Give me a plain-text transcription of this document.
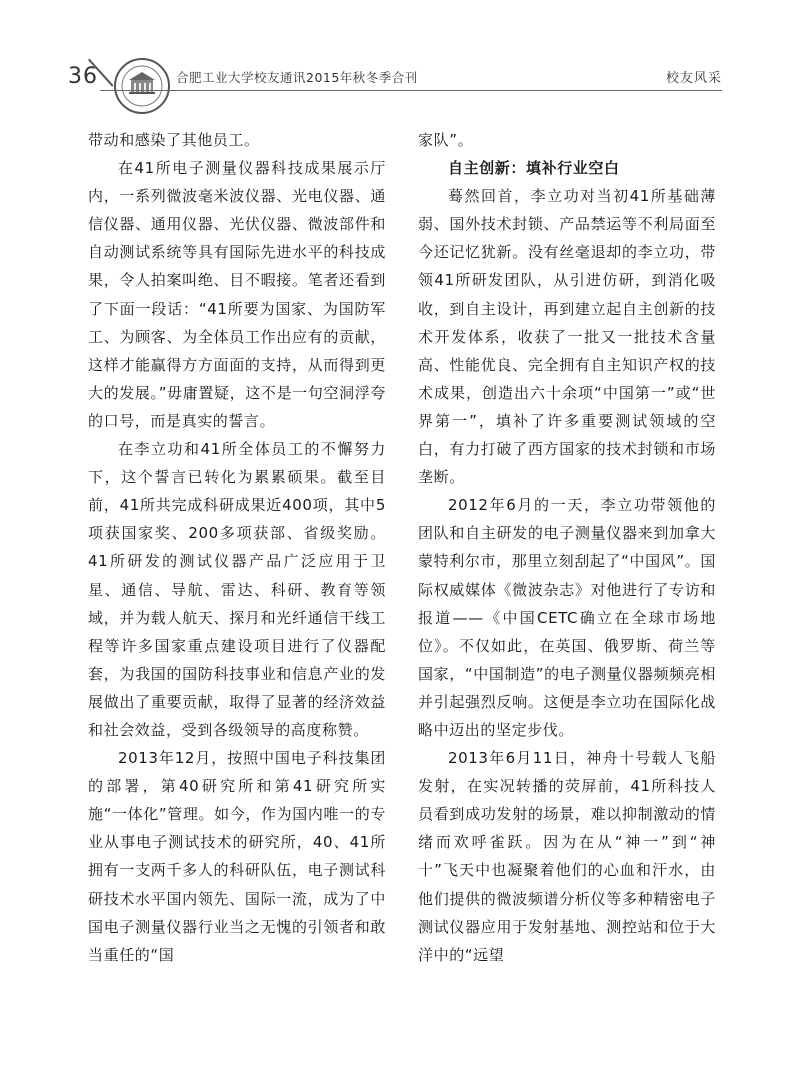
36	合肥工业大学校友通讯2015年秋冬季合刊	校友风采

带动和感染了其他员工。

在41所电子测量仪器科技成果展示厅内，一系列微波毫米波仪器、光电仪器、通信仪器、通用仪器、光伏仪器、微波部件和自动测试系统等具有国际先进水平的科技成果，令人拍案叫绝、目不暇接。笔者还看到了下面一段话：“41所要为国家、为国防军工、为顾客、为全体员工作出应有的贡献，这样才能赢得方方面面的支持，从而得到更大的发展。”毋庸置疑，这不是一句空洞浮夸的口号，而是真实的誓言。

在李立功和41所全体员工的不懈努力下，这个誓言已转化为累累硕果。截至目前，41所共完成科研成果近400项，其中5项获国家奖、200多项获部、省级奖励。41所研发的测试仪器产品广泛应用于卫星、通信、导航、雷达、科研、教育等领域，并为载人航天、探月和光纤通信干线工程等许多国家重点建设项目进行了仪器配套，为我国的国防科技事业和信息产业的发展做出了重要贡献，取得了显著的经济效益和社会效益，受到各级领导的高度称赞。

2013年12月，按照中国电子科技集团的部署，第40研究所和第41研究所实施“一体化”管理。如今，作为国内唯一的专业从事电子测试技术的研究所，40、41所拥有一支两千多人的科研队伍，电子测试科研技术水平国内领先、国际一流，成为了中国电子测量仪器行业当之无愧的引领者和敢当重任的“国

家队”。

自主创新：填补行业空白

蓦然回首，李立功对当初41所基础薄弱、国外技术封锁、产品禁运等不利局面至今还记忆犹新。没有丝毫退却的李立功，带领41所研发团队，从引进仿研，到消化吸收，到自主设计，再到建立起自主创新的技术开发体系，收获了一批又一批技术含量高、性能优良、完全拥有自主知识产权的技术成果，创造出六十余项“中国第一”或“世界第一”，填补了许多重要测试领域的空白，有力打破了西方国家的技术封锁和市场垄断。

2012年6月的一天，李立功带领他的团队和自主研发的电子测量仪器来到加拿大蒙特利尔市，那里立刻刮起了“中国风”。国际权威媒体《微波杂志》对他进行了专访和报道——《中国CETC确立在全球市场地位》。不仅如此，在英国、俄罗斯、荷兰等国家，“中国制造”的电子测量仪器频频亮相并引起强烈反响。这便是李立功在国际化战略中迈出的坚定步伐。

2013年6月11日，神舟十号载人飞船发射，在实况转播的荧屏前，41所科技人员看到成功发射的场景，难以抑制激动的情绪而欢呼雀跃。因为在从“神一”到“神十”飞天中也凝聚着他们的心血和汗水，由他们提供的微波频谱分析仪等多种精密电子测试仪器应用于发射基地、测控站和位于大洋中的“远望
